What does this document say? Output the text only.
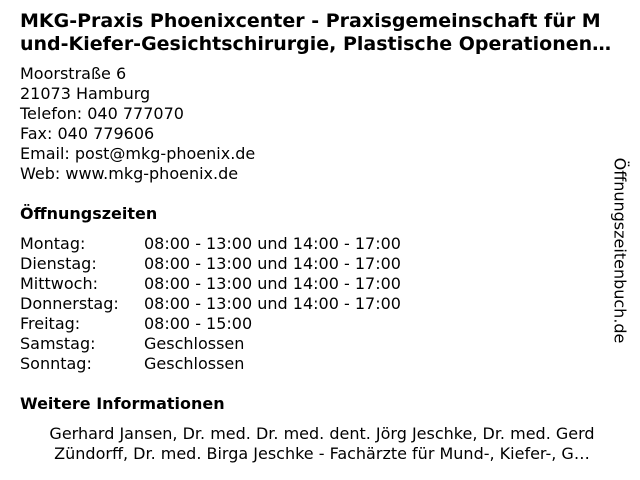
MKG-Praxis Phoenixcenter - Praxisgemeinschaft für M
und-Kiefer-Gesichtschirurgie, Plastische Operationen…
Moorstraße 6
21073 Hamburg
Telefon: 040 777070
Fax: 040 779606
Email: post@mkg-phoenix.de
Web: www.mkg-phoenix.de
Öffnungszeiten
Montag:	08:00 - 13:00 und 14:00 - 17:00
Dienstag:	08:00 - 13:00 und 14:00 - 17:00
Mittwoch:	08:00 - 13:00 und 14:00 - 17:00
Donnerstag:	08:00 - 13:00 und 14:00 - 17:00
Freitag:	08:00 - 15:00
Samstag:	Geschlossen
Sonntag:	Geschlossen
Weitere Informationen
Gerhard Jansen, Dr. med. Dr. med. dent. Jörg Jeschke, Dr. med. Gerd
Zündorff, Dr. med. Birga Jeschke - Fachärzte für Mund-, Kiefer-, G…
Öffnungszeitenbuch.de
